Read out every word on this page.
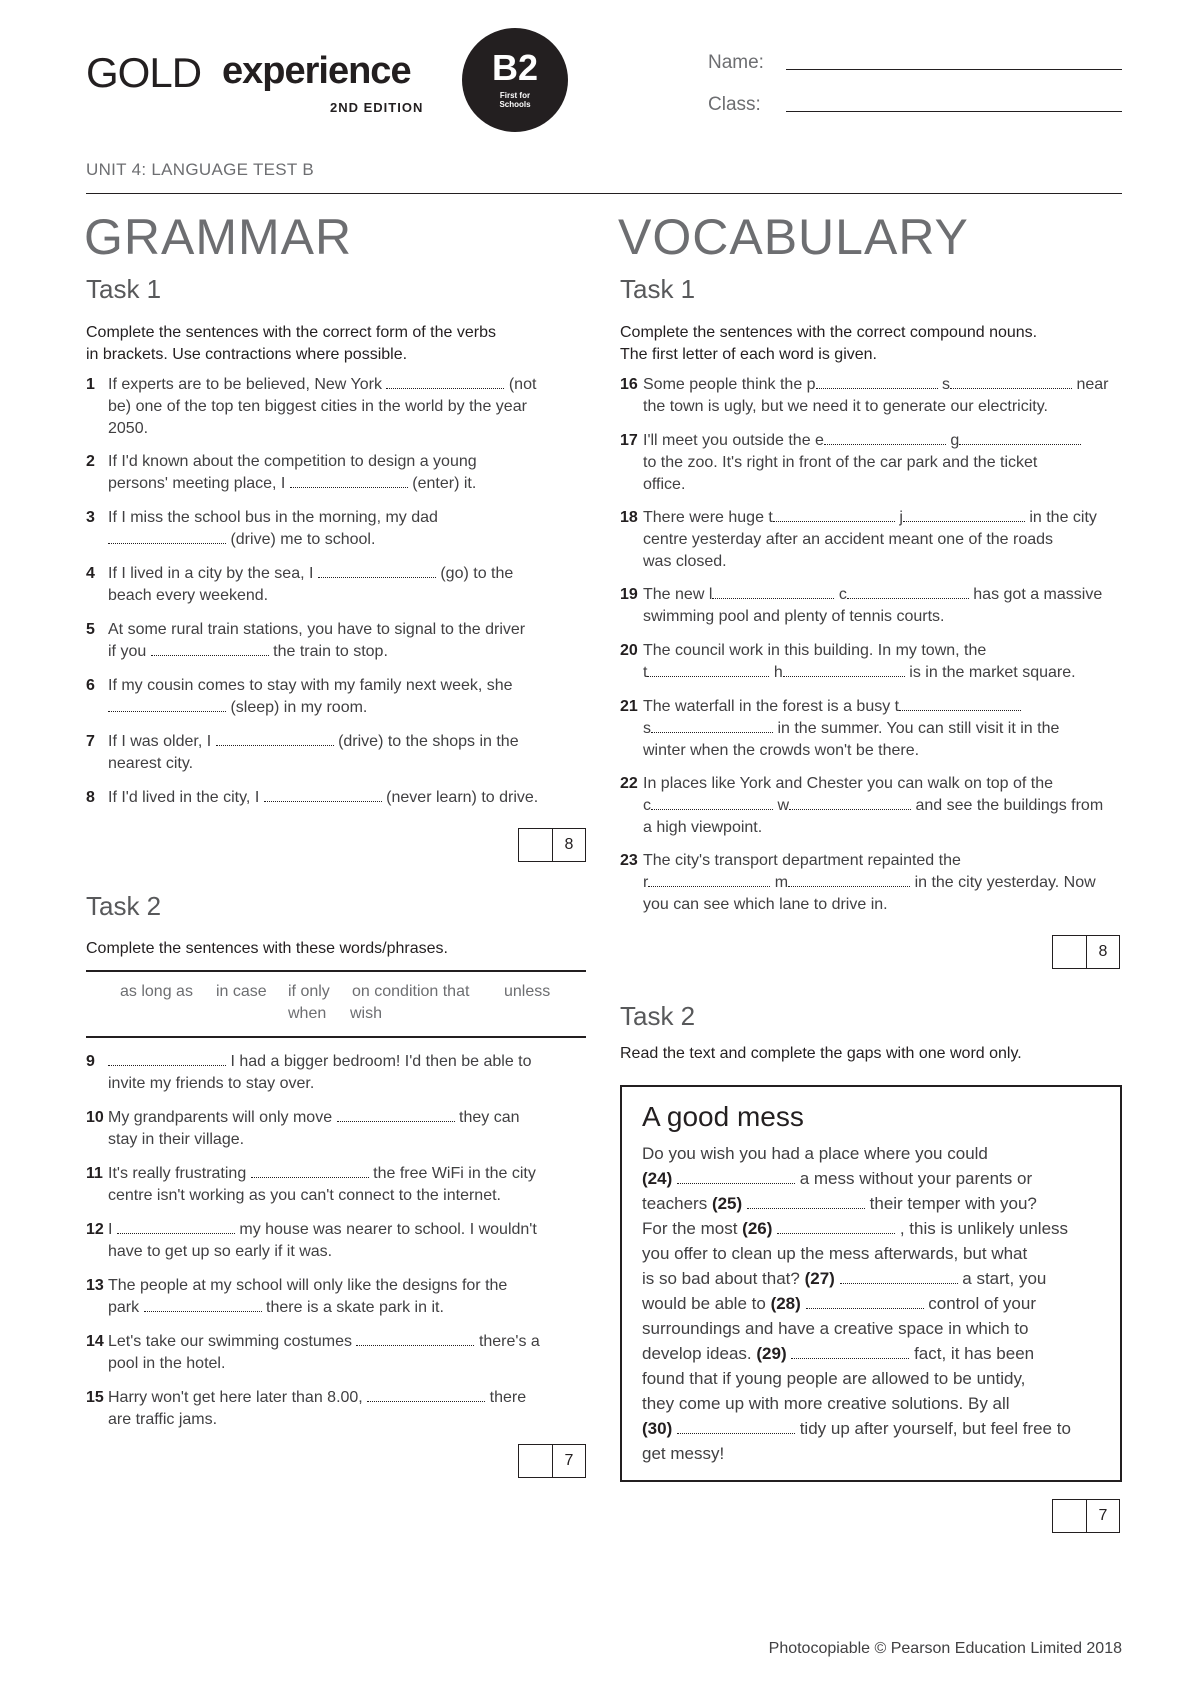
GOLD experience
2ND EDITION
B2
First for Schools
Name:
Class:
UNIT 4: LANGUAGE TEST B
GRAMMAR
Task 1
Complete the sentences with the correct form of the verbs
in brackets. Use contractions where possible.
1 If experts are to be believed, New York	(not
be) one of the top ten biggest cities in the world by the year
2050.
2 If I'd known about the competition to design a young
persons' meeting place, I	(enter) it.
3 If I miss the school bus in the morning, my dad
(drive) me to school.
4 If I lived in a city by the sea, I	(go) to the
beach every weekend.
5 At some rural train stations, you have to signal to the driver
if you	the train to stop.
6 If my cousin comes to stay with my family next week, she
(sleep) in my room.
7 If I was older, I	(drive) to the shops in the
nearest city.
8 If I'd lived in the city, I	(never learn) to drive.
8
Task 2
Complete the sentences with these words/phrases.
as long as in case if only on condition that unless
when wish
9	I had a bigger bedroom! I'd then be able to
invite my friends to stay over.
10 My grandparents will only move	they can
stay in their village.
11 It's really frustrating	the free WiFi in the city
centre isn't working as you can't connect to the internet.
12 I	my house was nearer to school. I wouldn't
have to get up so early if it was.
13 The people at my school will only like the designs for the
park	there is a skate park in it.
14 Let's take our swimming costumes	there's a
pool in the hotel.
15 Harry won't get here later than 8.00,	there
are traffic jams.
7
VOCABULARY
Task 1
Complete the sentences with the correct compound nouns.
The first letter of each word is given.
16 Some people think the p	s	near
the town is ugly, but we need it to generate our electricity.
17 I'll meet you outside the e	g
to the zoo. It's right in front of the car park and the ticket
office.
18 There were huge t	j	in the city
centre yesterday after an accident meant one of the roads
was closed.
19 The new l	c	has got a massive
swimming pool and plenty of tennis courts.
20 The council work in this building. In my town, the
t	h	is in the market square.
21 The waterfall in the forest is a busy t
s	in the summer. You can still visit it in the
winter when the crowds won't be there.
22 In places like York and Chester you can walk on top of the
c	w	and see the buildings from
a high viewpoint.
23 The city's transport department repainted the
r	m	in the city yesterday. Now
you can see which lane to drive in.
8
Task 2
Read the text and complete the gaps with one word only.
A good mess
Do you wish you had a place where you could
(24)	a mess without your parents or
teachers (25)	their temper with you?
For the most (26)	, this is unlikely unless
you offer to clean up the mess afterwards, but what
is so bad about that? (27)	a start, you
would be able to (28)	control of your
surroundings and have a creative space in which to
develop ideas. (29)	fact, it has been
found that if young people are allowed to be untidy,
they come up with more creative solutions. By all
(30)	tidy up after yourself, but feel free to
get messy!
7
Photocopiable © Pearson Education Limited 2018
